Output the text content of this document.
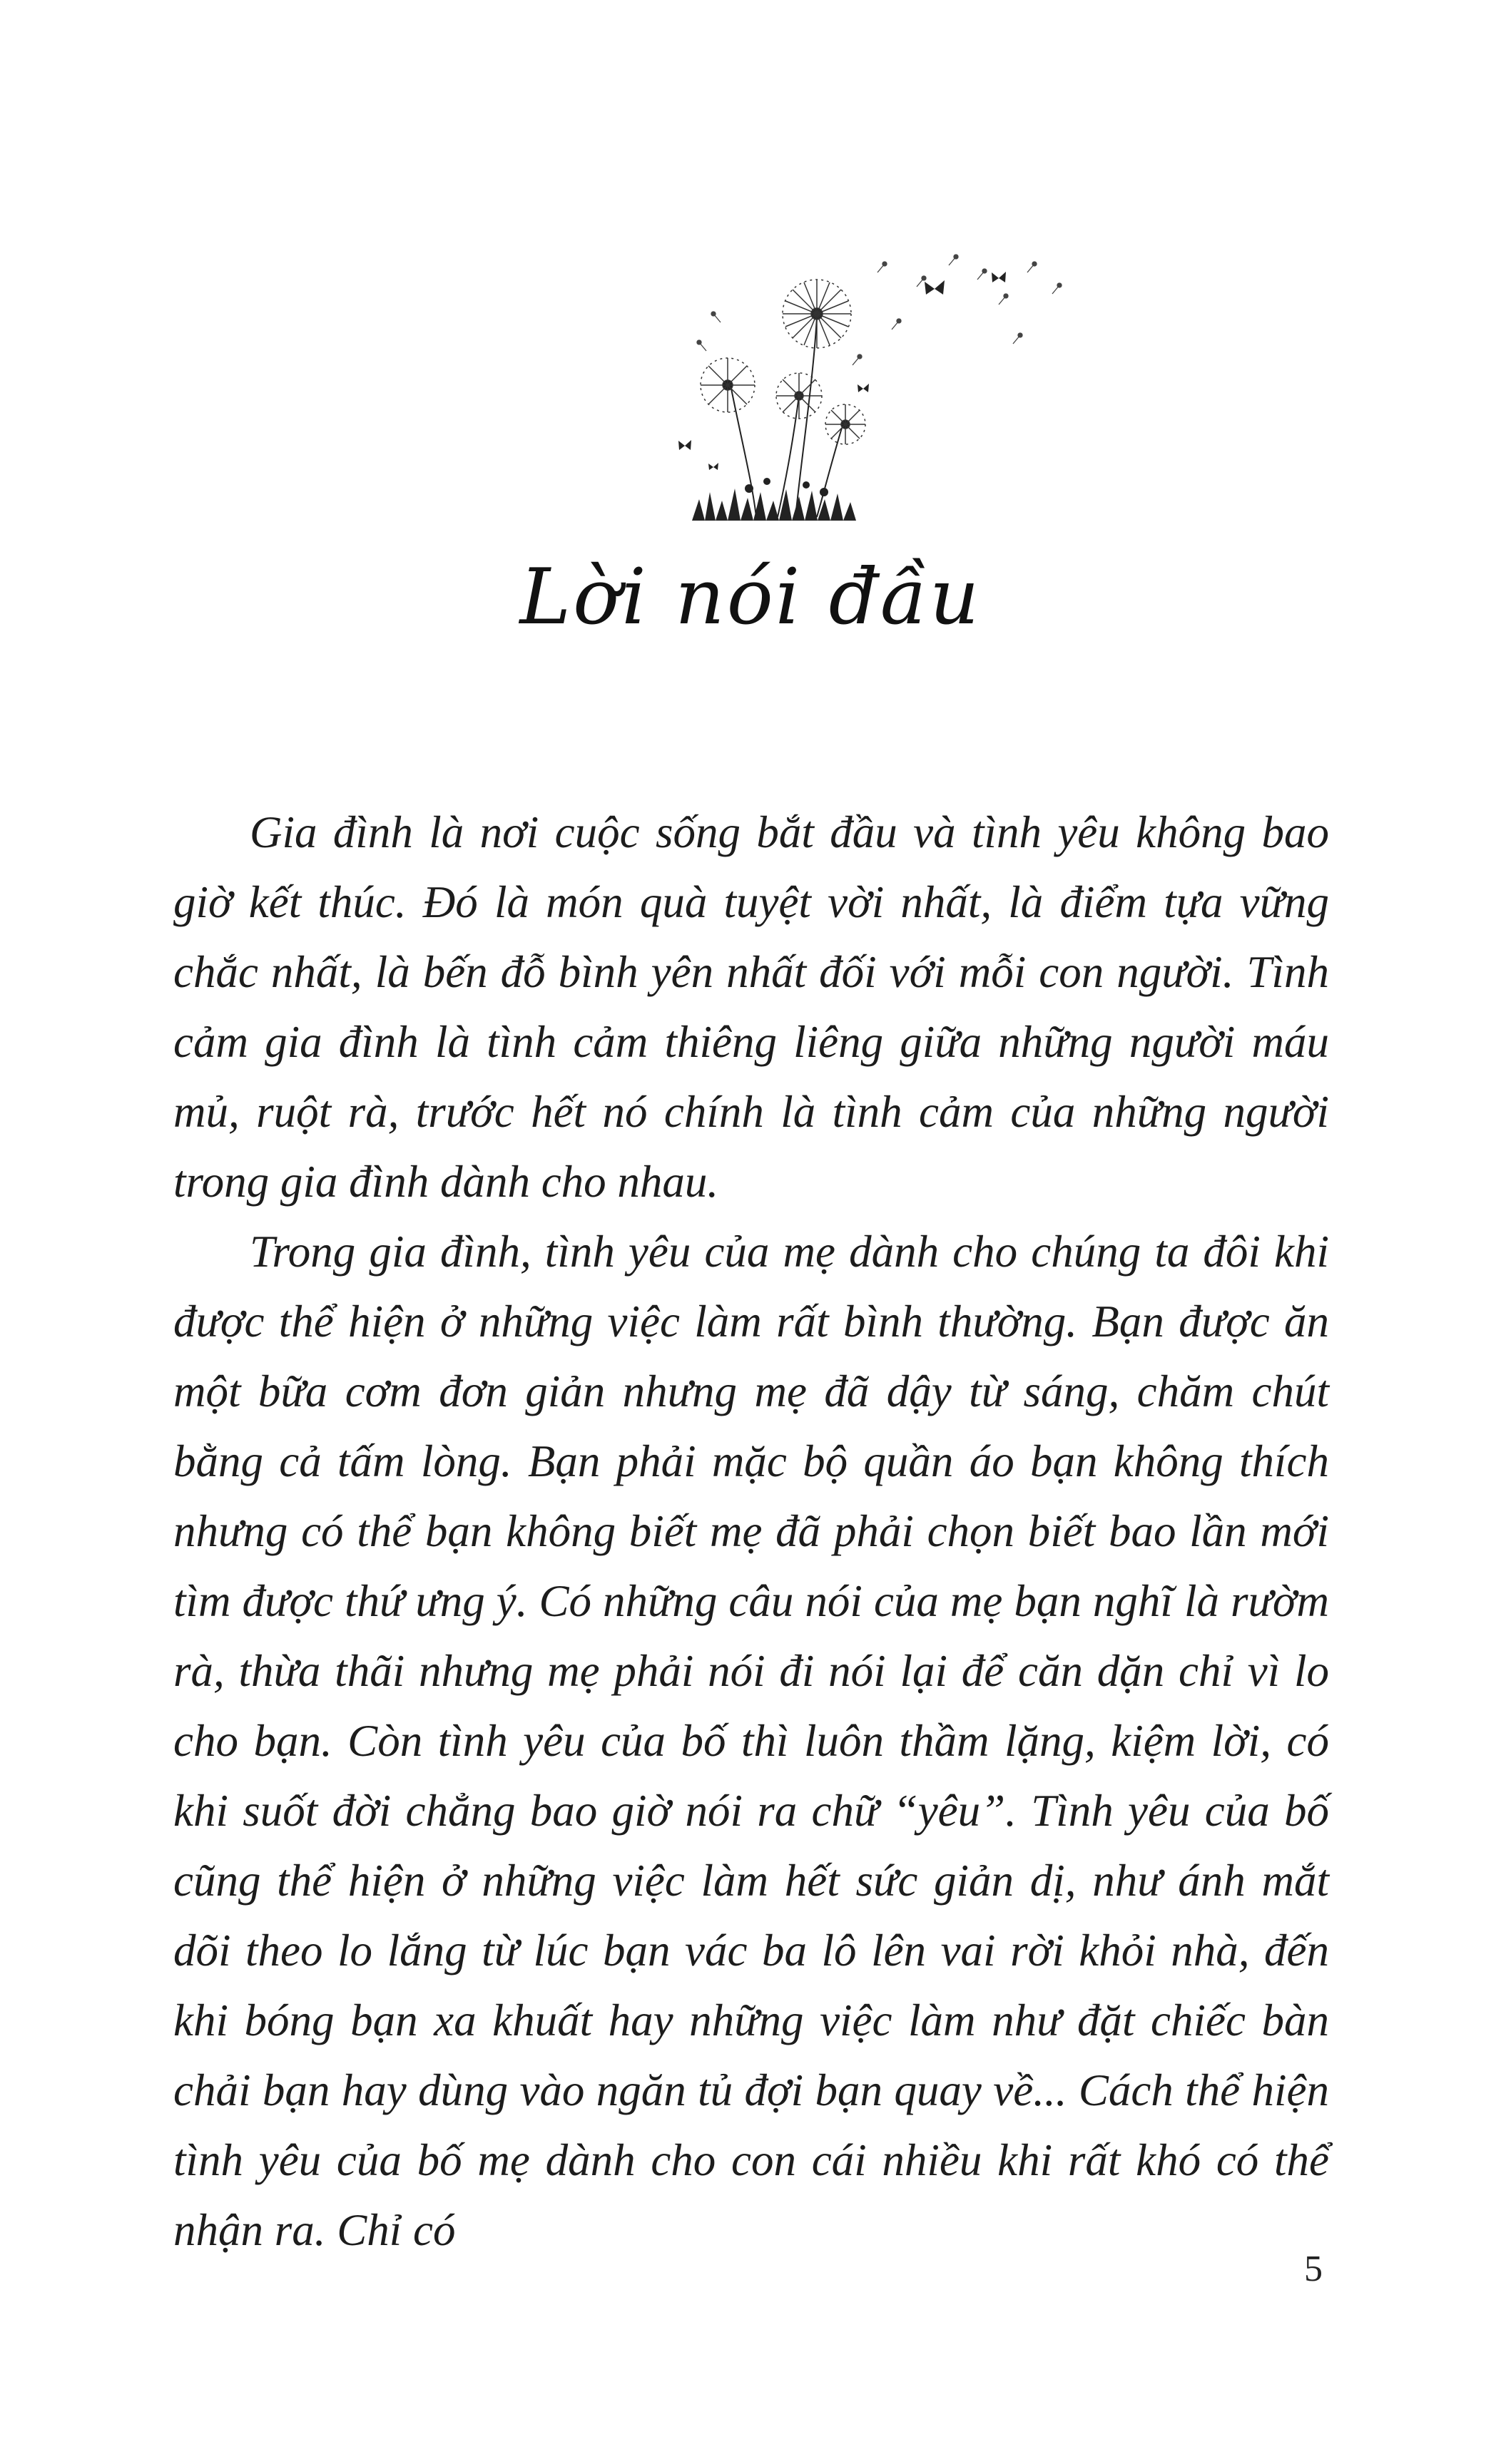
Lời nói đầu

Gia đình là nơi cuộc sống bắt đầu và tình yêu không bao giờ kết thúc. Đó là món quà tuyệt vời nhất, là điểm tựa vững chắc nhất, là bến đỗ bình yên nhất đối với mỗi con người. Tình cảm gia đình là tình cảm thiêng liêng giữa những người máu mủ, ruột rà, trước hết nó chính là tình cảm của những người trong gia đình dành cho nhau.

Trong gia đình, tình yêu của mẹ dành cho chúng ta đôi khi được thể hiện ở những việc làm rất bình thường. Bạn được ăn một bữa cơm đơn giản nhưng mẹ đã dậy từ sáng, chăm chút bằng cả tấm lòng. Bạn phải mặc bộ quần áo bạn không thích nhưng có thể bạn không biết mẹ đã phải chọn biết bao lần mới tìm được thứ ưng ý. Có những câu nói của mẹ bạn nghĩ là rườm rà, thừa thãi nhưng mẹ phải nói đi nói lại để căn dặn chỉ vì lo cho bạn. Còn tình yêu của bố thì luôn thầm lặng, kiệm lời, có khi suốt đời chẳng bao giờ nói ra chữ “yêu”. Tình yêu của bố cũng thể hiện ở những việc làm hết sức giản dị, như ánh mắt dõi theo lo lắng từ lúc bạn vác ba lô lên vai rời khỏi nhà, đến khi bóng bạn xa khuất hay những việc làm như đặt chiếc bàn chải bạn hay dùng vào ngăn tủ đợi bạn quay về... Cách thể hiện tình yêu của bố mẹ dành cho con cái nhiều khi rất khó có thể nhận ra. Chỉ có

5
